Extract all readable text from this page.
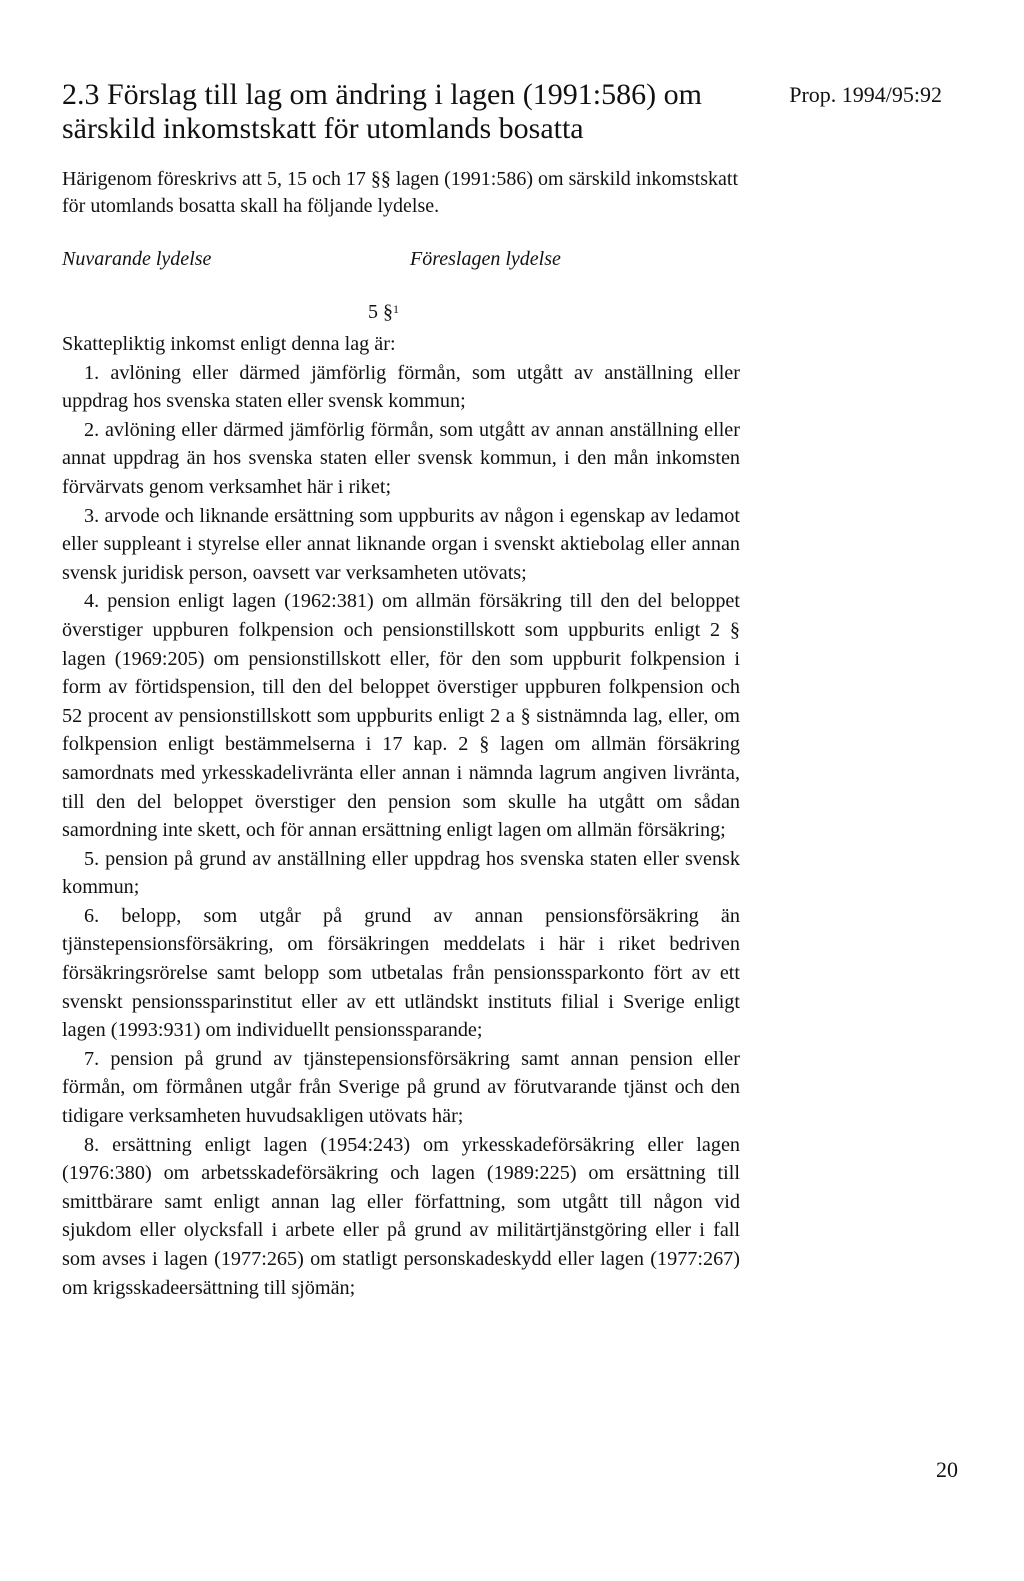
2.3 Förslag till lag om ändring i lagen (1991:586) om
särskild inkomstskatt för utomlands bosatta
Prop. 1994/95:92

Härigenom föreskrivs att 5, 15 och 17 §§ lagen (1991:586) om särskild inkomstskatt för utomlands bosatta skall ha följande lydelse.

Nuvarande lydelse	Föreslagen lydelse
5 §$^1$

Skattepliktig inkomst enligt denna lag är:

1. avlöning eller därmed jämförlig förmån, som utgått av anställning eller uppdrag hos svenska staten eller svensk kommun;

2. avlöning eller därmed jämförlig förmån, som utgått av annan anställning eller annat uppdrag än hos svenska staten eller svensk kommun, i den mån inkomsten förvärvats genom verksamhet här i riket;

3. arvode och liknande ersättning som uppburits av någon i egenskap av ledamot eller suppleant i styrelse eller annat liknande organ i svenskt aktiebolag eller annan svensk juridisk person, oavsett var verksamheten utövats;

4. pension enligt lagen (1962:381) om allmän försäkring till den del beloppet överstiger uppburen folkpension och pensionstillskott som uppburits enligt 2 § lagen (1969:205) om pensionstillskott eller, för den som uppburit folkpension i form av förtidspension, till den del beloppet överstiger uppburen folkpension och 52 procent av pensionstillskott som uppburits enligt 2 a § sistnämnda lag, eller, om folkpension enligt bestämmelserna i 17 kap. 2 § lagen om allmän försäkring samordnats med yrkesskadelivränta eller annan i nämnda lagrum angiven livränta, till den del beloppet överstiger den pension som skulle ha utgått om sådan samordning inte skett, och för annan ersättning enligt lagen om allmän försäkring;

5. pension på grund av anställning eller uppdrag hos svenska staten eller svensk kommun;

6. belopp, som utgår på grund av annan pensionsförsäkring än tjänstepensionsförsäkring, om försäkringen meddelats i här i riket bedriven försäkringsrörelse samt belopp som utbetalas från pensionssparkonto fört av ett svenskt pensionssparinstitut eller av ett utländskt instituts filial i Sverige enligt lagen (1993:931) om individuellt pensionssparande;

7. pension på grund av tjänstepensionsförsäkring samt annan pension eller förmån, om förmånen utgår från Sverige på grund av förutvarande tjänst och den tidigare verksamheten huvudsakligen utövats här;

8. ersättning enligt lagen (1954:243) om yrkesskadeförsäkring eller lagen (1976:380) om arbetsskadeförsäkring och lagen (1989:225) om ersättning till smittbärare samt enligt annan lag eller författning, som utgått till någon vid sjukdom eller olycksfall i arbete eller på grund av militärtjänstgöring eller i fall som avses i lagen (1977:265) om statligt personskadeskydd eller lagen (1977:267) om krigsskadeersättning till sjömän;

20
